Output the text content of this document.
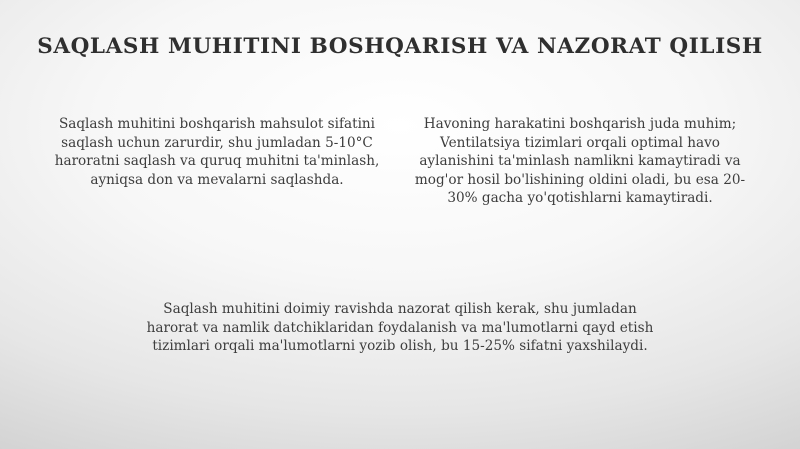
SAQLASH MUHITINI BOSHQARISH VA NAZORAT QILISH
Saqlash muhitini boshqarish mahsulot sifatini saqlash uchun zarurdir, shu jumladan 5-10°C haroratni saqlash va quruq muhitni ta'minlash, ayniqsa don va mevalarni saqlashda.
Havoning harakatini boshqarish juda muhim; Ventilatsiya tizimlari orqali optimal havo aylanishini ta'minlash namlikni kamaytiradi va mog'or hosil bo'lishining oldini oladi, bu esa 20-30% gacha yo'qotishlarni kamaytiradi.
Saqlash muhitini doimiy ravishda nazorat qilish kerak, shu jumladan harorat va namlik datchiklaridan foydalanish va ma'lumotlarni qayd etish tizimlari orqali ma'lumotlarni yozib olish, bu 15-25% sifatni yaxshilaydi.
